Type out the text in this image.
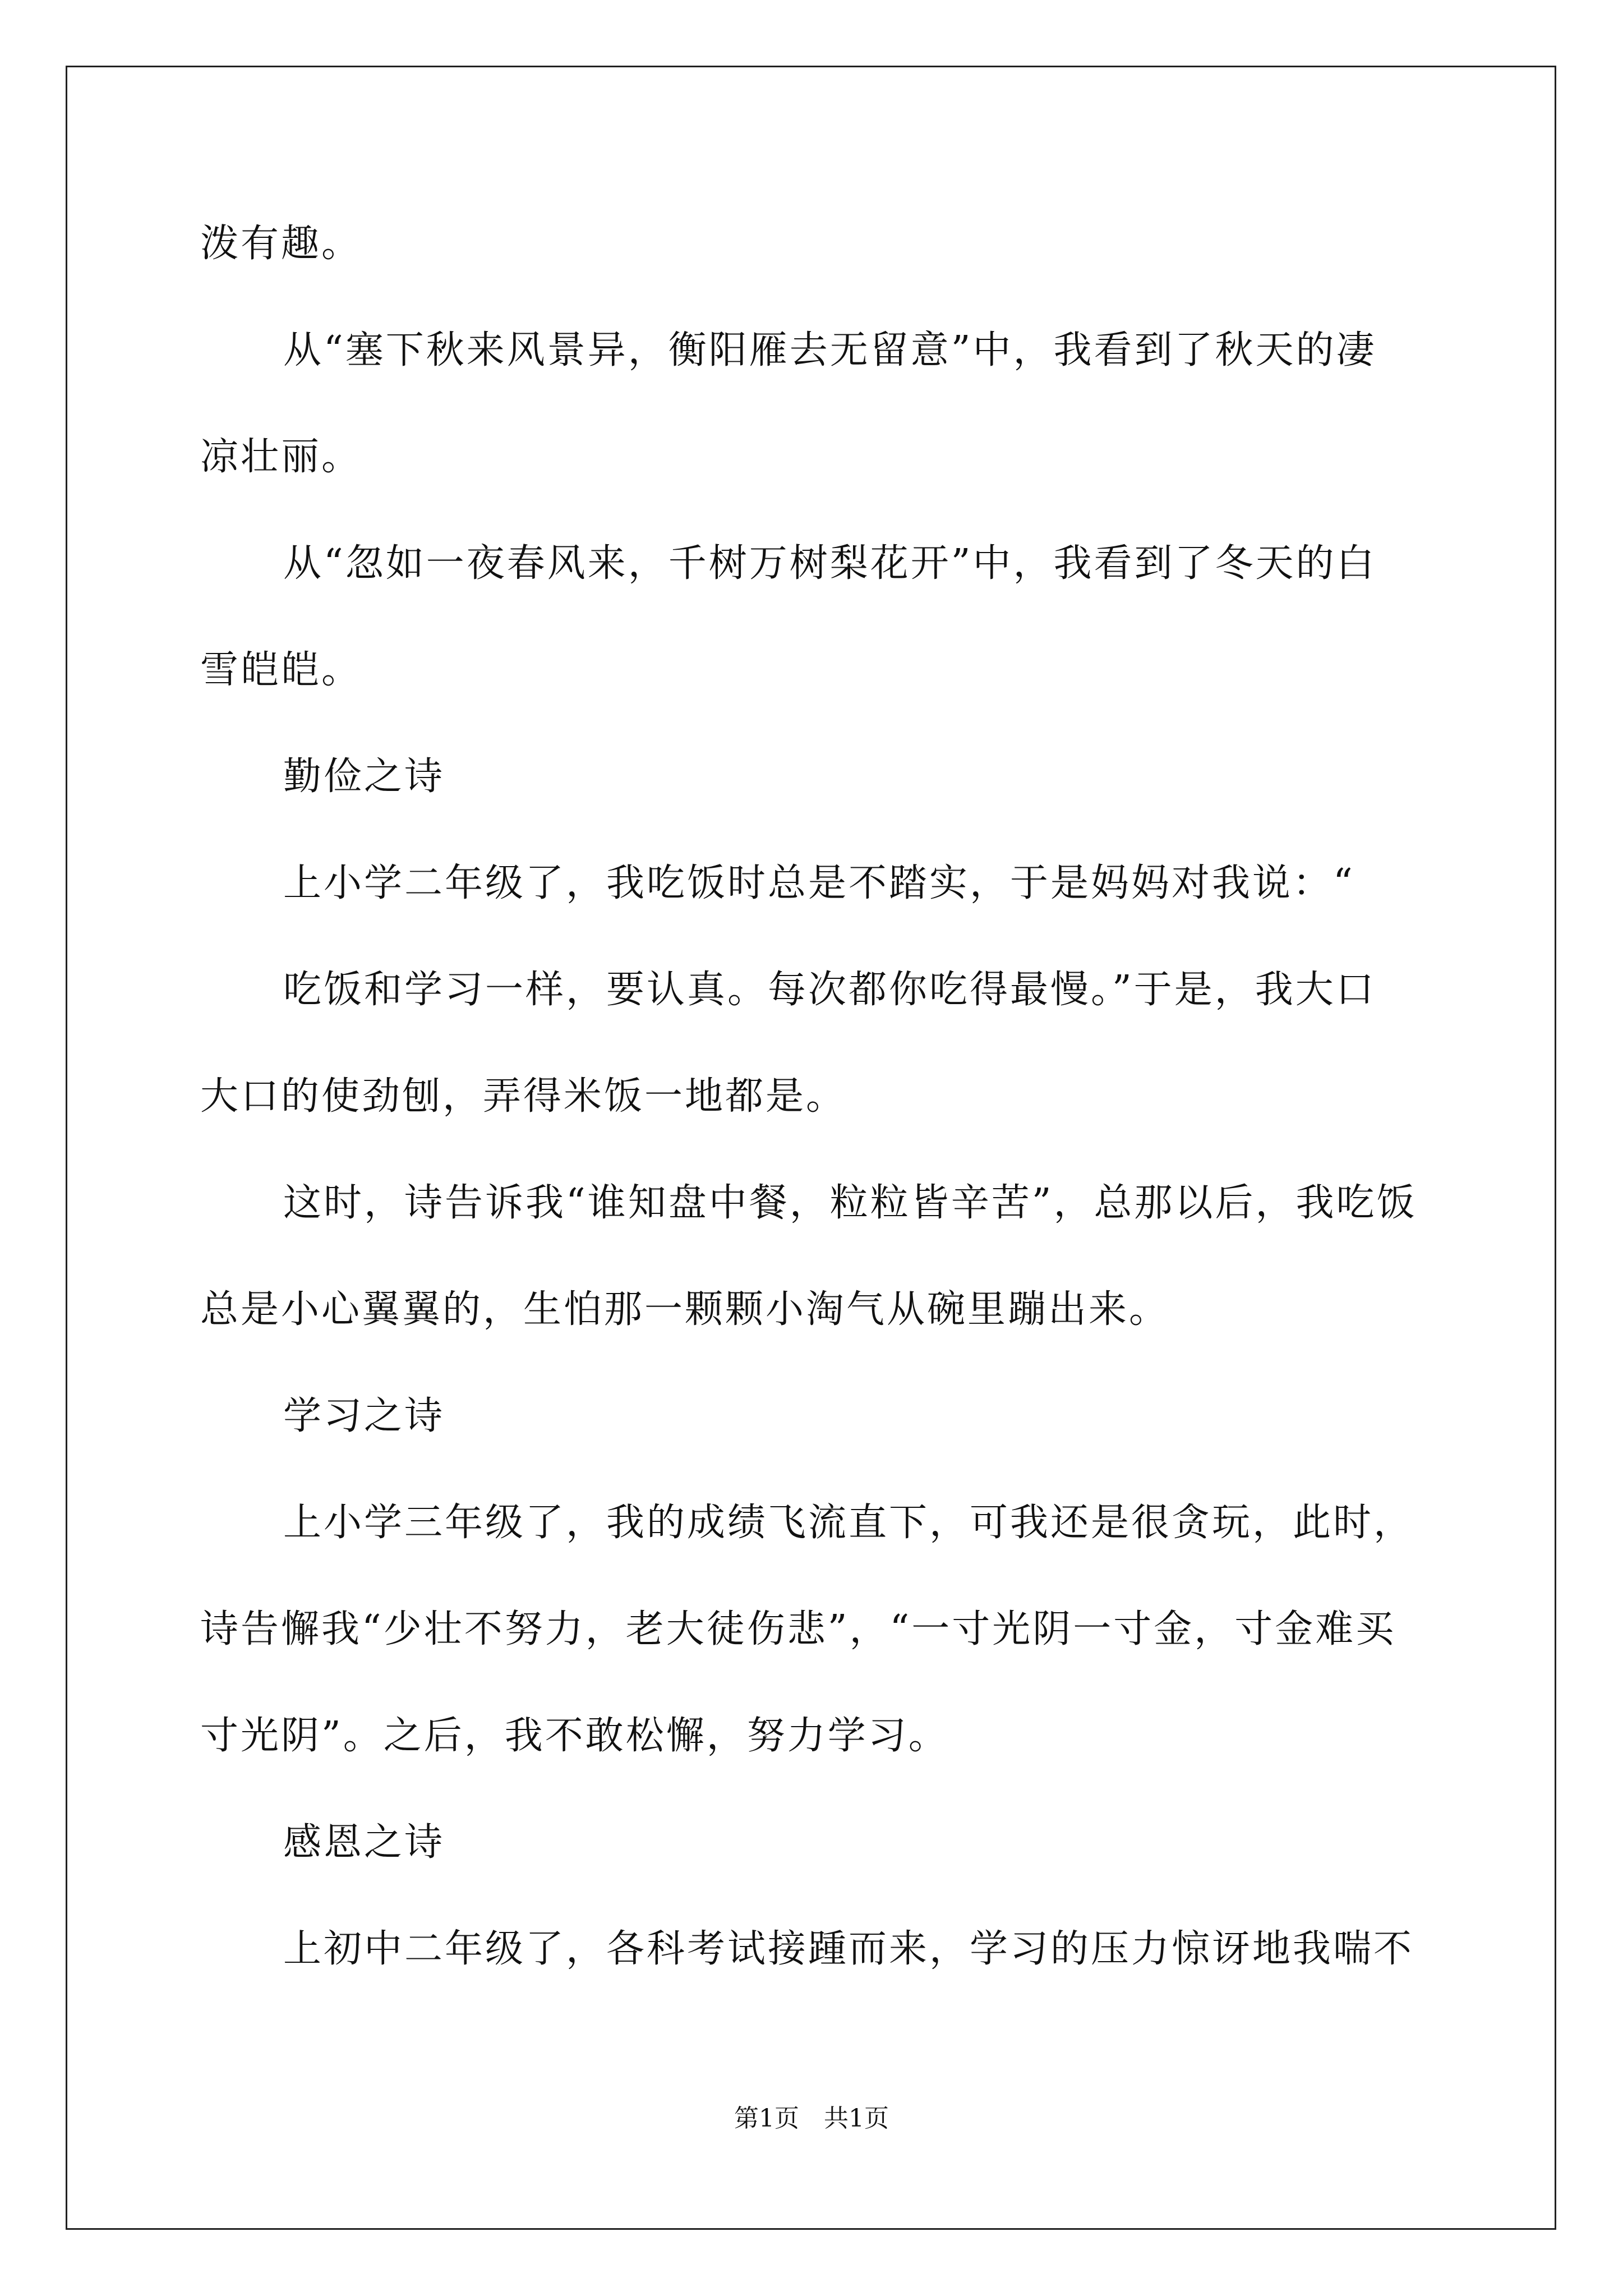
泼有趣。
从“塞下秋来风景异，衡阳雁去无留意”中，我看到了秋天的凄
凉壮丽。
从“忽如一夜春风来，千树万树梨花开”中，我看到了冬天的白
雪皑皑。
勤俭之诗
上小学二年级了，我吃饭时总是不踏实，于是妈妈对我说：“
吃饭和学习一样，要认真。每次都你吃得最慢。”于是，我大口
大口的使劲刨，弄得米饭一地都是。
这时，诗告诉我“谁知盘中餐，粒粒皆辛苦”，总那以后，我吃饭
总是小心翼翼的，生怕那一颗颗小淘气从碗里蹦出来。
学习之诗
上小学三年级了，我的成绩飞流直下，可我还是很贪玩，此时，
诗告懈我“少壮不努力，老大徒伤悲”，“一寸光阴一寸金，寸金难买
寸光阴”。之后，我不敢松懈，努力学习。
感恩之诗
上初中二年级了，各科考试接踵而来，学习的压力惊讶地我喘不
第1页　共1页
